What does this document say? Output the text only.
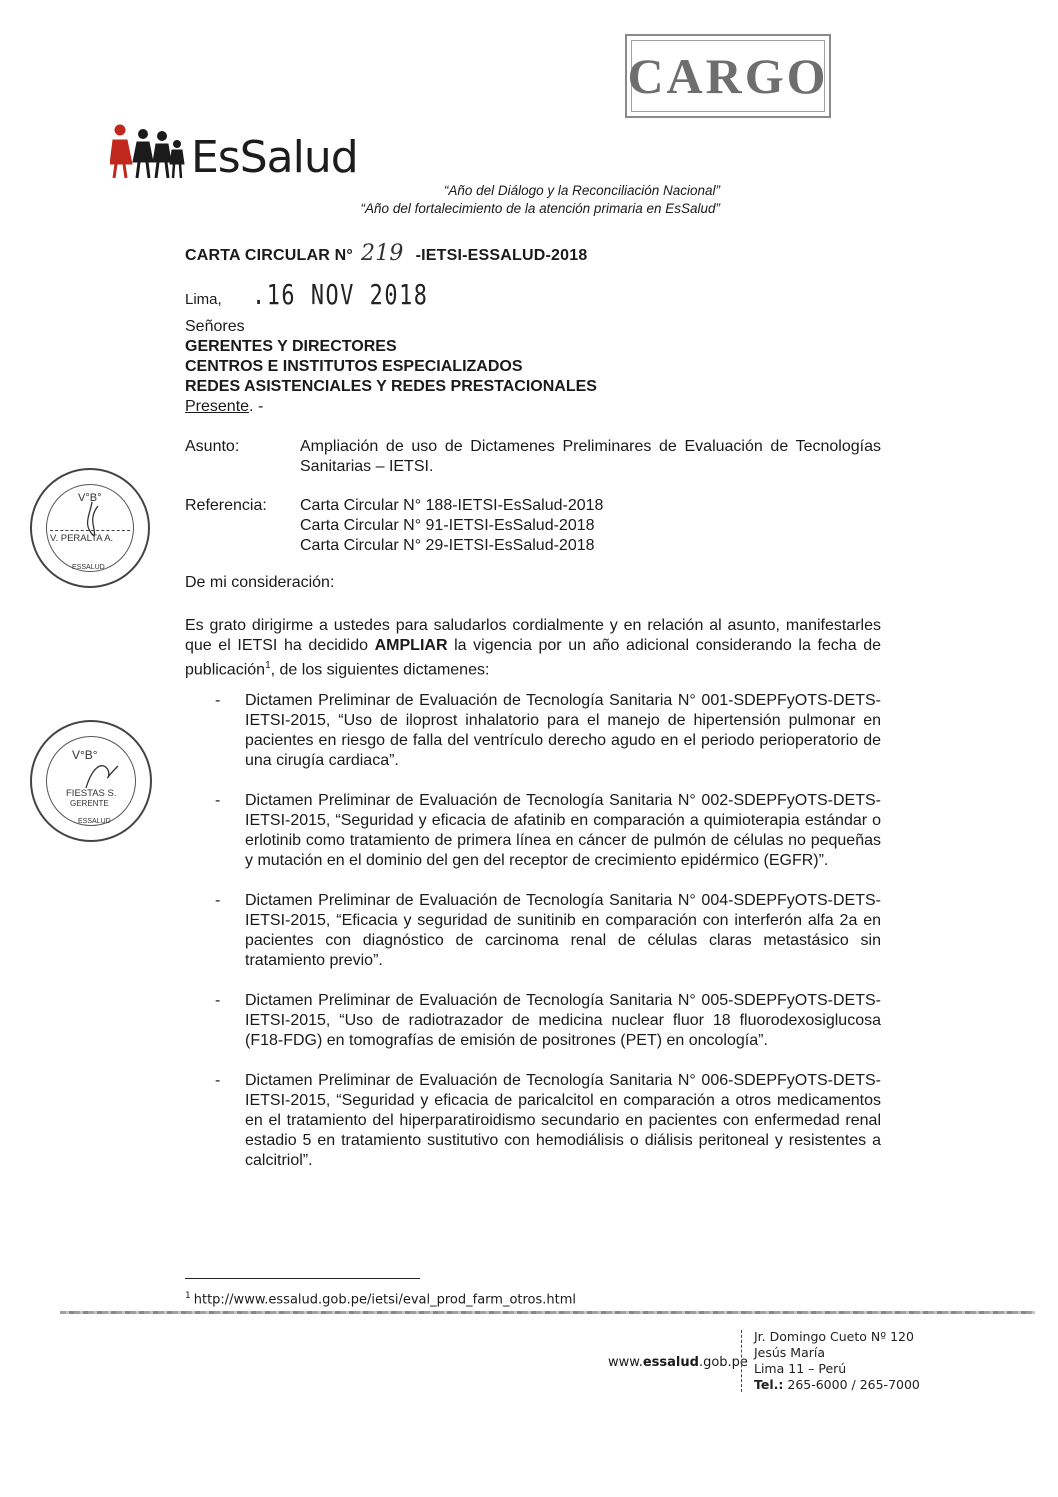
CARGO
EsSalud
“Año del Diálogo y la Reconciliación Nacional”
“Año del fortalecimiento de la atención primaria en EsSalud”
CARTA CIRCULAR N° 219 -IETSI-ESSALUD-2018
Lima, .16 NOV 2018
Señores
GERENTES Y DIRECTORES
CENTROS E INSTITUTOS ESPECIALIZADOS
REDES ASISTENCIALES Y REDES PRESTACIONALES
Presente. -
Asunto:	Ampliación de uso de Dictamenes Preliminares de Evaluación de Tecnologías Sanitarias – IETSI.
Referencia:	Carta Circular N° 188-IETSI-EsSalud-2018
Carta Circular N° 91-IETSI-EsSalud-2018
Carta Circular N° 29-IETSI-EsSalud-2018
De mi consideración:
Es grato dirigirme a ustedes para saludarlos cordialmente y en relación al asunto, manifestarles que el IETSI ha decidido AMPLIAR la vigencia por un año adicional considerando la fecha de publicación$^1$, de los siguientes dictamenes:
-	Dictamen Preliminar de Evaluación de Tecnología Sanitaria N° 001-SDEPFyOTS-DETS-IETSI-2015, “Uso de iloprost inhalatorio para el manejo de hipertensión pulmonar en pacientes en riesgo de falla del ventrículo derecho agudo en el periodo perioperatorio de una cirugía cardiaca”.
-	Dictamen Preliminar de Evaluación de Tecnología Sanitaria N° 002-SDEPFyOTS-DETS-IETSI-2015, “Seguridad y eficacia de afatinib en comparación a quimioterapia estándar o erlotinib como tratamiento de primera línea en cáncer de pulmón de células no pequeñas y mutación en el dominio del gen del receptor de crecimiento epidérmico (EGFR)”.
-	Dictamen Preliminar de Evaluación de Tecnología Sanitaria N° 004-SDEPFyOTS-DETS-IETSI-2015, “Eficacia y seguridad de sunitinib en comparación con interferón alfa 2a en pacientes con diagnóstico de carcinoma renal de células claras metastásico sin tratamiento previo”.
-	Dictamen Preliminar de Evaluación de Tecnología Sanitaria N° 005-SDEPFyOTS-DETS-IETSI-2015, “Uso de radiotrazador de medicina nuclear fluor 18 fluorodexosiglucosa (F18-FDG) en tomografías de emisión de positrones (PET) en oncología”.
-	Dictamen Preliminar de Evaluación de Tecnología Sanitaria N° 006-SDEPFyOTS-DETS-IETSI-2015, “Seguridad y eficacia de paricalcitol en comparación a otros medicamentos en el tratamiento del hiperparatiroidismo secundario en pacientes con enfermedad renal estadio 5 en tratamiento sustitutivo con hemodiálisis o diálisis peritoneal y resistentes a calcitriol”.
V°B°
V. PERALTA A.
ESSALUD
V°B°
FIESTAS S.
GERENTE
ESSALUD
$^1$ http://www.essalud.gob.pe/ietsi/eval_prod_farm_otros.html
www.essalud.gob.pe
Jr. Domingo Cueto Nº 120
Jesús María
Lima 11 – Perú
Tel.: 265-6000 / 265-7000
